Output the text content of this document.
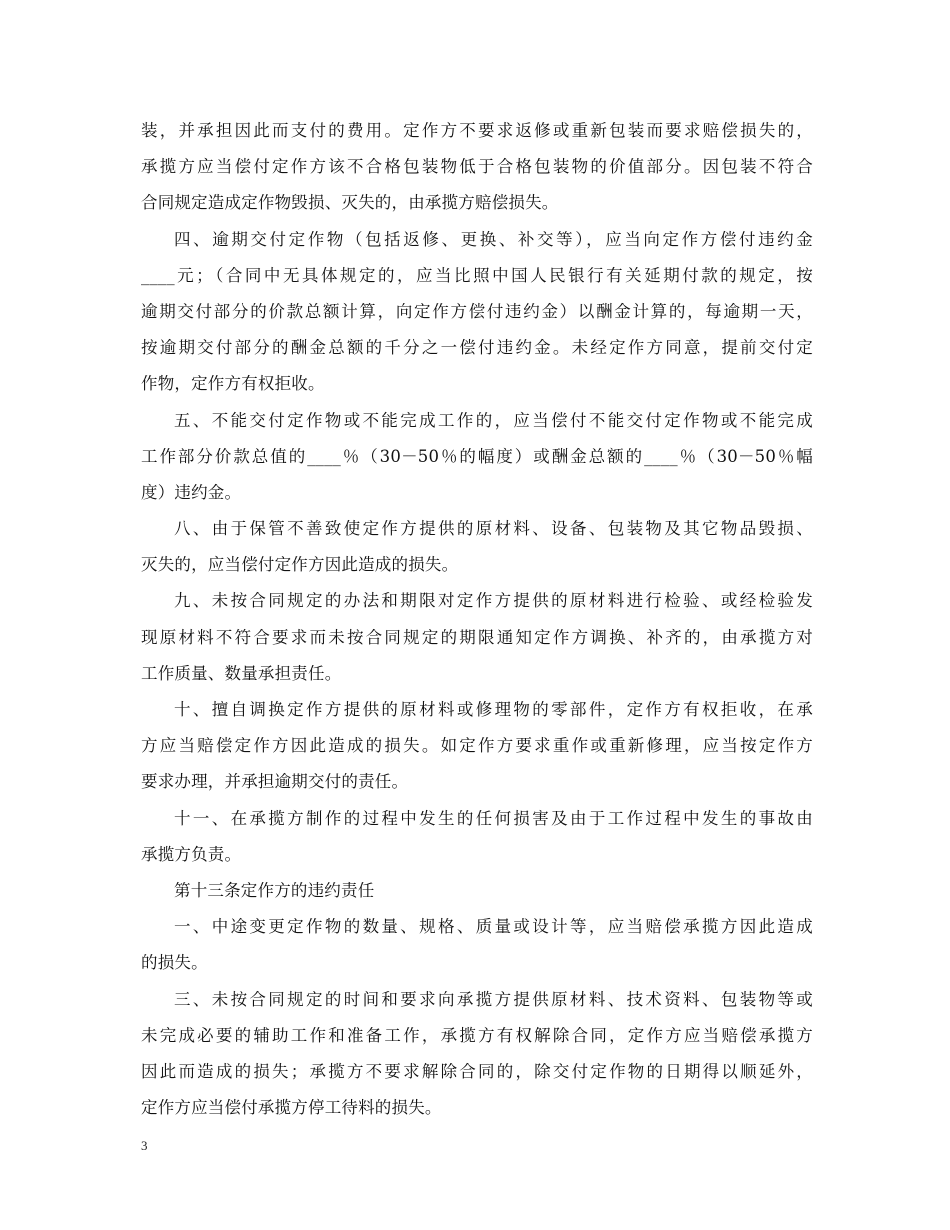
装，并承担因此而支付的费用。定作方不要求返修或重新包装而要求赔偿损失的，
承揽方应当偿付定作方该不合格包装物低于合格包装物的价值部分。因包装不符合
合同规定造成定作物毁损、灭失的，由承揽方赔偿损失。
四、逾期交付定作物（包括返修、更换、补交等），应当向定作方偿付违约金
____元；（合同中无具体规定的，应当比照中国人民银行有关延期付款的规定，按
逾期交付部分的价款总额计算，向定作方偿付违约金）以酬金计算的，每逾期一天，
按逾期交付部分的酬金总额的千分之一偿付违约金。未经定作方同意，提前交付定
作物，定作方有权拒收。
五、不能交付定作物或不能完成工作的，应当偿付不能交付定作物或不能完成
工作部分价款总值的____％（30－50％的幅度）或酬金总额的____％（30－50％幅
度）违约金。
八、由于保管不善致使定作方提供的原材料、设备、包装物及其它物品毁损、
灭失的，应当偿付定作方因此造成的损失。
九、未按合同规定的办法和期限对定作方提供的原材料进行检验、或经检验发
现原材料不符合要求而未按合同规定的期限通知定作方调换、补齐的，由承揽方对
工作质量、数量承担责任。
十、擅自调换定作方提供的原材料或修理物的零部件，定作方有权拒收，在承
方应当赔偿定作方因此造成的损失。如定作方要求重作或重新修理，应当按定作方
要求办理，并承担逾期交付的责任。
十一、在承揽方制作的过程中发生的任何损害及由于工作过程中发生的事故由
承揽方负责。
第十三条定作方的违约责任
一、中途变更定作物的数量、规格、质量或设计等，应当赔偿承揽方因此造成
的损失。
三、未按合同规定的时间和要求向承揽方提供原材料、技术资料、包装物等或
未完成必要的辅助工作和准备工作，承揽方有权解除合同，定作方应当赔偿承揽方
因此而造成的损失；承揽方不要求解除合同的，除交付定作物的日期得以顺延外，
定作方应当偿付承揽方停工待料的损失。
3
